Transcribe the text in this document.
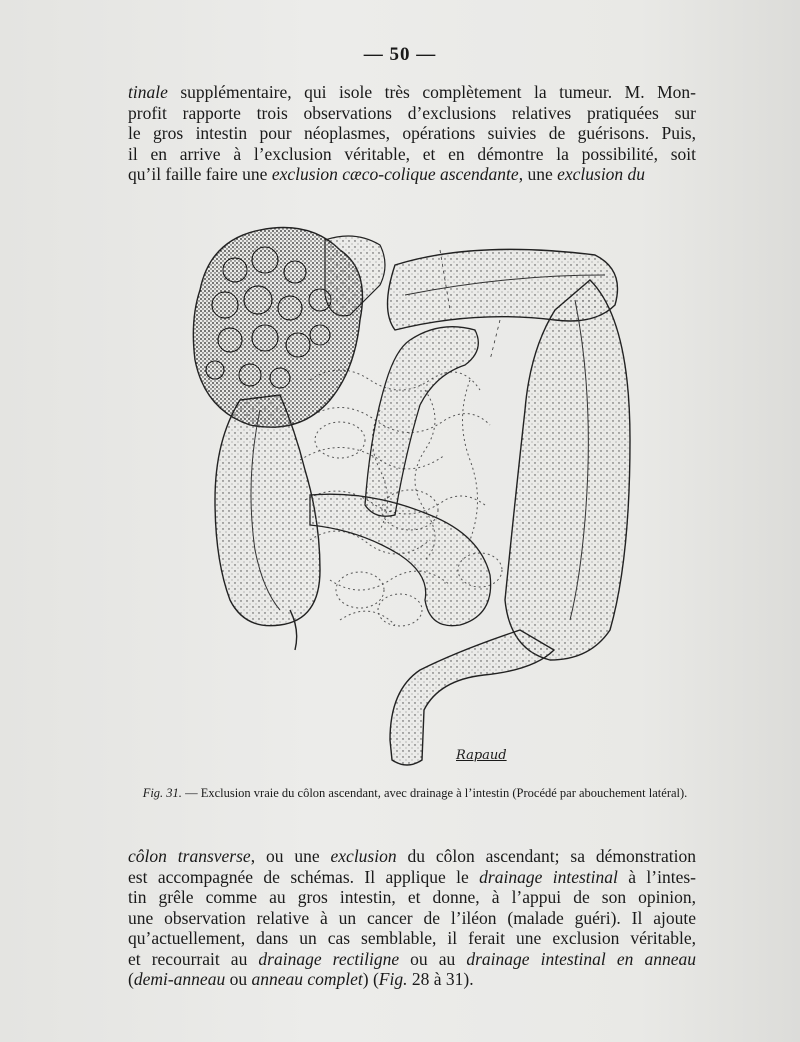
— 50 —
tinale supplémentaire, qui isole très complètement la tumeur. M. Mon-
profit rapporte trois observations d’exclusions relatives pratiquées sur
le gros intestin pour néoplasmes, opérations suivies de guérisons. Puis,
il en arrive à l’exclusion véritable, et en démontre la possibilité, soit
qu’il faille faire une exclusion cæco-colique ascendante, une exclusion du
Rapaud
Fig. 31. — Exclusion vraie du côlon ascendant, avec drainage à l’intestin (Procédé par abouchement latéral).
côlon transverse, ou une exclusion du côlon ascendant; sa démonstration
est accompagnée de schémas. Il applique le drainage intestinal à l’intes-
tin grêle comme au gros intestin, et donne, à l’appui de son opinion,
une observation relative à un cancer de l’iléon (malade guéri). Il ajoute
qu’actuellement, dans un cas semblable, il ferait une exclusion véritable,
et recourrait au drainage rectiligne ou au drainage intestinal en anneau
(demi-anneau ou anneau complet) (Fig. 28 à 31).
